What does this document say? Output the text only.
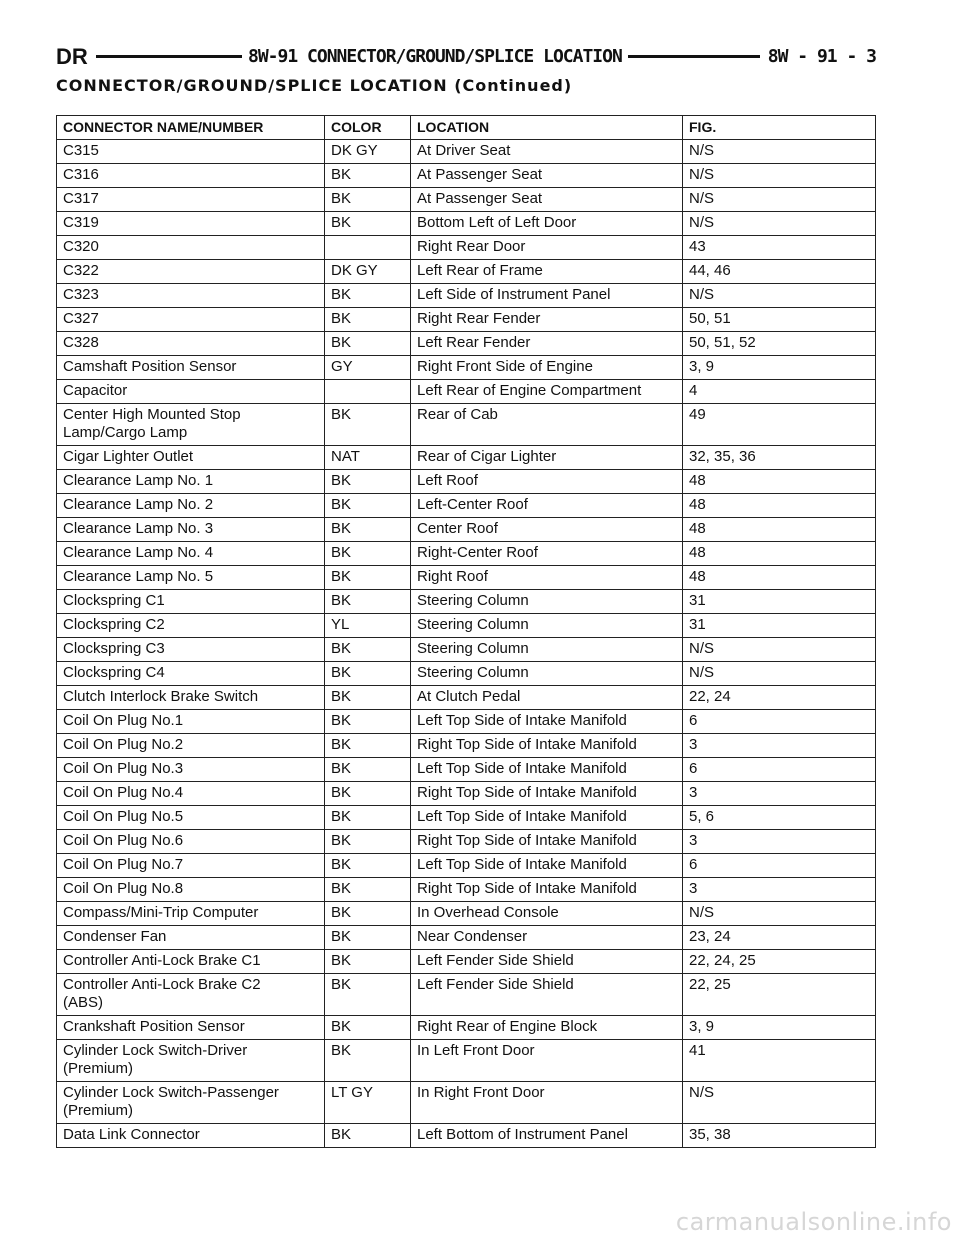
DR	8W-91 CONNECTOR/GROUND/SPLICE LOCATION	8W - 91 - 3
CONNECTOR/GROUND/SPLICE LOCATION (Continued)
CONNECTOR NAME/NUMBER	COLOR	LOCATION	FIG.
C315	DK GY	At Driver Seat	N/S
C316	BK	At Passenger Seat	N/S
C317	BK	At Passenger Seat	N/S
C319	BK	Bottom Left of Left Door	N/S
C320		Right Rear Door	43
C322	DK GY	Left Rear of Frame	44, 46
C323	BK	Left Side of Instrument Panel	N/S
C327	BK	Right Rear Fender	50, 51
C328	BK	Left Rear Fender	50, 51, 52
Camshaft Position Sensor	GY	Right Front Side of Engine	3, 9
Capacitor		Left Rear of Engine Compartment	4
Center High Mounted Stop
Lamp/Cargo Lamp	BK	Rear of Cab	49
Cigar Lighter Outlet	NAT	Rear of Cigar Lighter	32, 35, 36
Clearance Lamp No. 1	BK	Left Roof	48
Clearance Lamp No. 2	BK	Left-Center Roof	48
Clearance Lamp No. 3	BK	Center Roof	48
Clearance Lamp No. 4	BK	Right-Center Roof	48
Clearance Lamp No. 5	BK	Right Roof	48
Clockspring C1	BK	Steering Column	31
Clockspring C2	YL	Steering Column	31
Clockspring C3	BK	Steering Column	N/S
Clockspring C4	BK	Steering Column	N/S
Clutch Interlock Brake Switch	BK	At Clutch Pedal	22, 24
Coil On Plug No.1	BK	Left Top Side of Intake Manifold	6
Coil On Plug No.2	BK	Right Top Side of Intake Manifold	3
Coil On Plug No.3	BK	Left Top Side of Intake Manifold	6
Coil On Plug No.4	BK	Right Top Side of Intake Manifold	3
Coil On Plug No.5	BK	Left Top Side of Intake Manifold	5, 6
Coil On Plug No.6	BK	Right Top Side of Intake Manifold	3
Coil On Plug No.7	BK	Left Top Side of Intake Manifold	6
Coil On Plug No.8	BK	Right Top Side of Intake Manifold	3
Compass/Mini-Trip Computer	BK	In Overhead Console	N/S
Condenser Fan	BK	Near Condenser	23, 24
Controller Anti-Lock Brake C1	BK	Left Fender Side Shield	22, 24, 25
Controller Anti-Lock Brake C2
(ABS)	BK	Left Fender Side Shield	22, 25
Crankshaft Position Sensor	BK	Right Rear of Engine Block	3, 9
Cylinder Lock Switch-Driver
(Premium)	BK	In Left Front Door	41
Cylinder Lock Switch-Passenger
(Premium)	LT GY	In Right Front Door	N/S
Data Link Connector	BK	Left Bottom of Instrument Panel	35, 38
carmanualsonline.info
